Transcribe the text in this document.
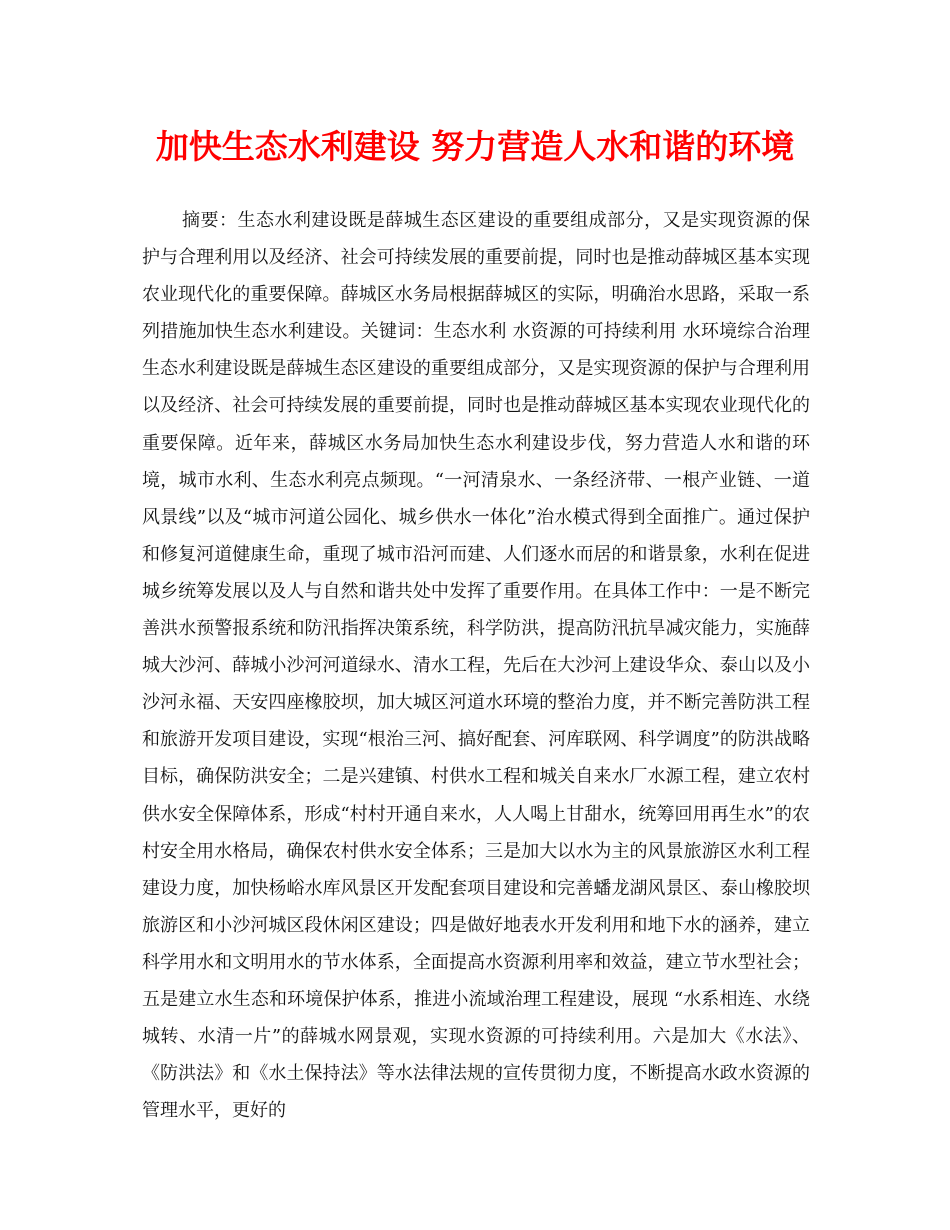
加快生态水利建设 努力营造人水和谐的环境

摘要：生态水利建设既是薛城生态区建设的重要组成部分，又是实现资源的保护与合理利用以及经济、社会可持续发展的重要前提，同时也是推动薛城区基本实现农业现代化的重要保障。薛城区水务局根据薛城区的实际，明确治水思路，采取一系列措施加快生态水利建设。关键词：生态水利 水资源的可持续利用 水环境综合治理　生态水利建设既是薛城生态区建设的重要组成部分，又是实现资源的保护与合理利用以及经济、社会可持续发展的重要前提，同时也是推动薛城区基本实现农业现代化的重要保障。近年来，薛城区水务局加快生态水利建设步伐，努力营造人水和谐的环境，城市水利、生态水利亮点频现。“一河清泉水、一条经济带、一根产业链、一道风景线”以及“城市河道公园化、城乡供水一体化”治水模式得到全面推广。通过保护和修复河道健康生命，重现了城市沿河而建、人们逐水而居的和谐景象，水利在促进城乡统筹发展以及人与自然和谐共处中发挥了重要作用。在具体工作中：一是不断完善洪水预警报系统和防汛指挥决策系统，科学防洪，提高防汛抗旱减灾能力，实施薛城大沙河、薛城小沙河河道绿水、清水工程，先后在大沙河上建设华众、泰山以及小沙河永福、天安四座橡胶坝，加大城区河道水环境的整治力度，并不断完善防洪工程和旅游开发项目建设，实现“根治三河、搞好配套、河库联网、科学调度”的防洪战略目标，确保防洪安全；二是兴建镇、村供水工程和城关自来水厂水源工程，建立农村供水安全保障体系，形成“村村开通自来水，人人喝上甘甜水，统筹回用再生水”的农村安全用水格局，确保农村供水安全体系；三是加大以水为主的风景旅游区水利工程建设力度，加快杨峪水库风景区开发配套项目建设和完善蟠龙湖风景区、泰山橡胶坝旅游区和小沙河城区段休闲区建设；四是做好地表水开发利用和地下水的涵养，建立科学用水和文明用水的节水体系，全面提高水资源利用率和效益，建立节水型社会；五是建立水生态和环境保护体系，推进小流域治理工程建设，展现 “水系相连、水绕城转、水清一片”的薛城水网景观，实现水资源的可持续利用。六是加大《水法》、《防洪法》和《水土保持法》等水法律法规的宣传贯彻力度，不断提高水政水资源的管理水平，更好的
